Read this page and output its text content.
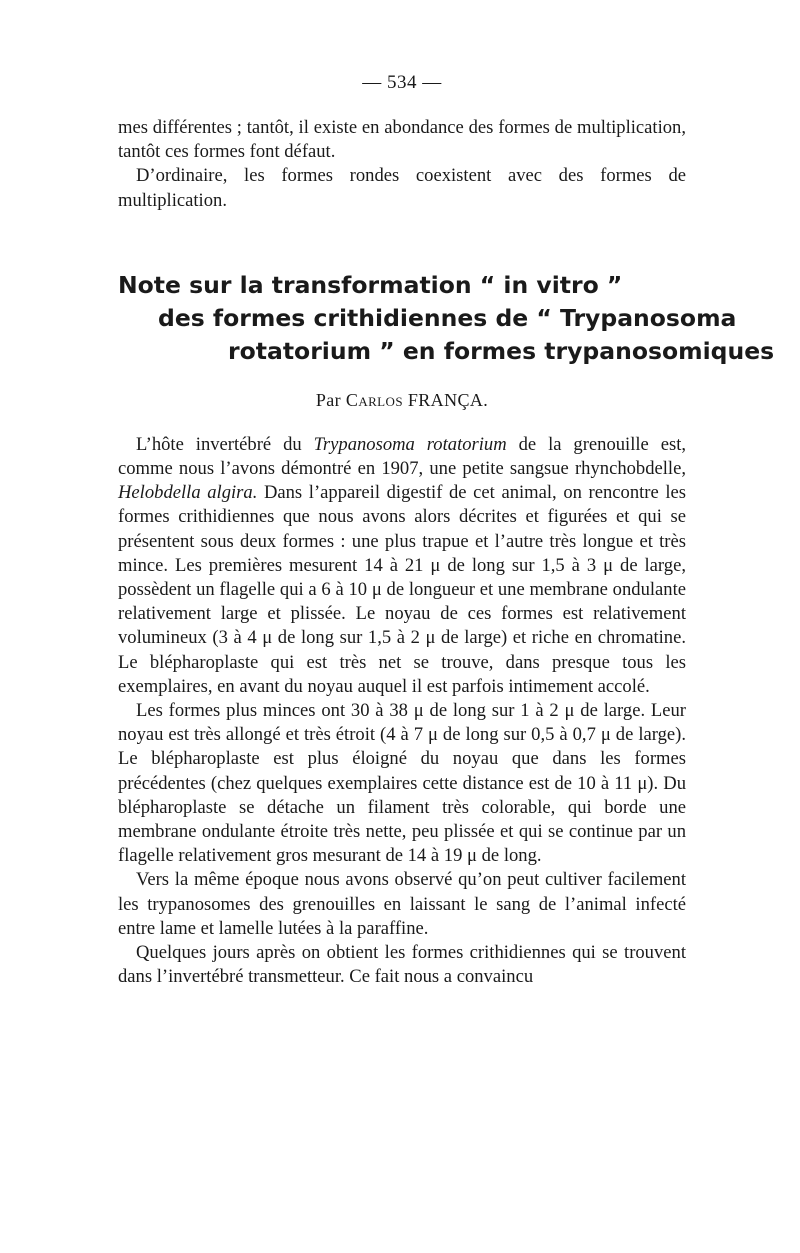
— 534 —

mes différentes ; tantôt, il existe en abondance des formes de multiplication, tantôt ces formes font défaut.

D’ordinaire, les formes rondes coexistent avec des formes de multiplication.

Note sur la transformation “ in vitro ”
des formes crithidiennes de “ Trypanosoma
rotatorium ” en formes trypanosomiques
Par Carlos FRANÇA.

L’hôte invertébré du Trypanosoma rotatorium de la grenouille est, comme nous l’avons démontré en 1907, une petite sangsue rhynchobdelle, Helobdella algira. Dans l’appareil digestif de cet animal, on rencontre les formes crithidiennes que nous avons alors décrites et figurées et qui se présentent sous deux formes : une plus trapue et l’autre très longue et très mince. Les premières mesurent 14 à 21 μ de long sur 1,5 à 3 μ de large, possèdent un flagelle qui a 6 à 10 μ de longueur et une membrane ondulante relativement large et plissée. Le noyau de ces formes est relativement volumineux (3 à 4 μ de long sur 1,5 à 2 μ de large) et riche en chromatine. Le blépharoplaste qui est très net se trouve, dans presque tous les exemplaires, en avant du noyau auquel il est parfois intimement accolé.

Les formes plus minces ont 30 à 38 μ de long sur 1 à 2 μ de large. Leur noyau est très allongé et très étroit (4 à 7 μ de long sur 0,5 à 0,7 μ de large). Le blépharoplaste est plus éloigné du noyau que dans les formes précédentes (chez quelques exemplaires cette distance est de 10 à 11 μ). Du blépharoplaste se détache un filament très colorable, qui borde une membrane ondulante étroite très nette, peu plissée et qui se continue par un flagelle relativement gros mesurant de 14 à 19 μ de long.

Vers la même époque nous avons observé qu’on peut cultiver facilement les trypanosomes des grenouilles en laissant le sang de l’animal infecté entre lame et lamelle lutées à la paraffine.

Quelques jours après on obtient les formes crithidiennes qui se trouvent dans l’invertébré transmetteur. Ce fait nous a convaincu
